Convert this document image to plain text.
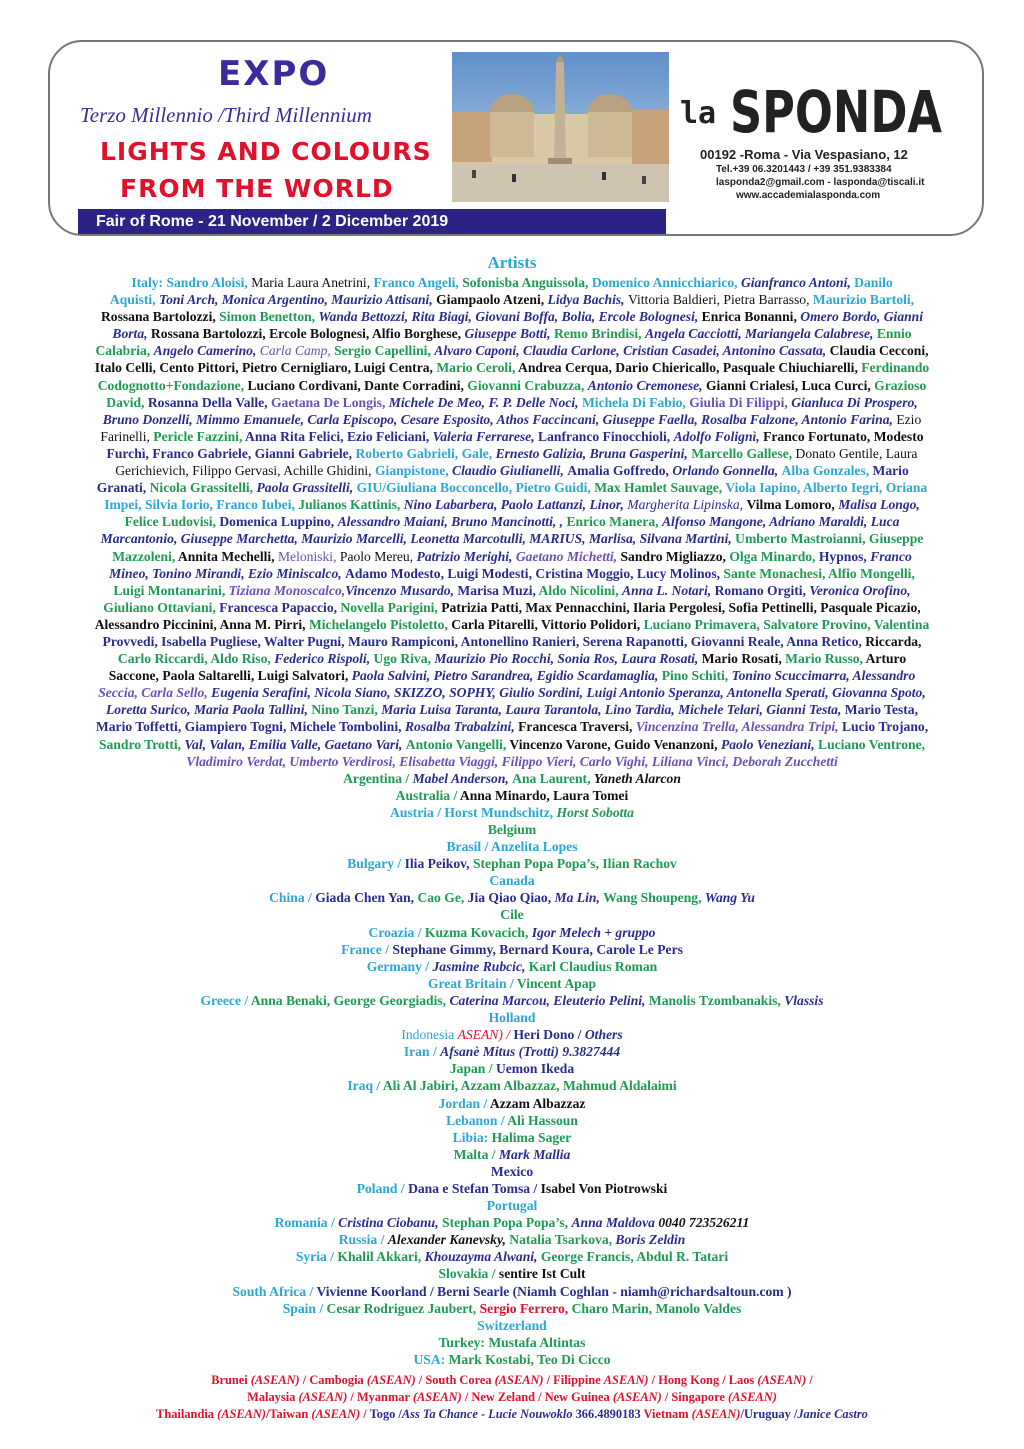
EXPO
Terzo Millennio /Third Millennium
LIGHTS AND COLOURS
FROM THE WORLD
la SPONDA
00192 -Roma - Via Vespasiano, 12
Tel.+39 06.3201443 / +39 351.9383384
lasponda2@gmail.com - lasponda@tiscali.it
www.accademialasponda.com
Fair of Rome - 21 November / 2 Dicember 2019
Artists
Italy: Sandro Aloisi, Maria Laura Anetrini, Franco Angeli, Sofonisba Anguissola, Domenico Annicchiarico, Gianfranco Antoni, Danilo
Aquisti, Toni Arch, Monica Argentino, Maurizio Attisani, Giampaolo Atzeni, Lidya Bachis, Vittoria Baldieri, Pietra Barrasso, Maurizio Bartoli,
Rossana Bartolozzi, Simon Benetton, Wanda Bettozzi, Rita Biagi, Giovani Boffa, Bolia, Ercole Bolognesi, Enrica Bonanni, Omero Bordo, Gianni
Borta, Rossana Bartolozzi, Ercole Bolognesi, Alfio Borghese, Giuseppe Botti, Remo Brindisi, Angela Cacciotti, Mariangela Calabrese, Ennio
Calabria, Angelo Camerino, Carla Camp, Sergio Capellini, Alvaro Caponi, Claudia Carlone, Cristian Casadei, Antonino Cassata, Claudia Cecconi,
Italo Celli, Cento Pittori, Pietro Cernigliaro, Luigi Centra, Mario Ceroli, Andrea Cerqua, Dario Chiericallo, Pasquale Chiuchiarelli, Ferdinando
Codognotto+Fondazione, Luciano Cordivani, Dante Corradini, Giovanni Crabuzza, Antonio Cremonese, Gianni Crialesi, Luca Curci, Grazioso
David, Rosanna Della Valle, Gaetana De Longis, Michele De Meo, F. P. Delle Noci, Michela Di Fabio, Giulia Di Filippi, Gianluca Di Prospero,
Bruno Donzelli, Mimmo Emanuele, Carla Episcopo, Cesare Esposito, Athos Faccincani, Giuseppe Faella, Rosalba Falzone, Antonio Farina, Ezio
Farinelli, Pericle Fazzini, Anna Rita Felici, Ezio Feliciani, Valeria Ferrarese, Lanfranco Finocchioli, Adolfo Folignì, Franco Fortunato, Modesto
Furchì, Franco Gabriele, Gianni Gabriele, Roberto Gabrieli, Gale, Ernesto Galizia, Bruna Gasperini, Marcello Gallese, Donato Gentile, Laura
Gerichievich, Filippo Gervasi, Achille Ghidini, Gianpistone, Claudio Giulianelli, Amalia Goffredo, Orlando Gonnella, Alba Gonzales, Mario
Granati, Nicola Grassitelli, Paola Grassitelli, GIU/Giuliana Bocconcello, Pietro Guidi, Max Hamlet Sauvage, Viola Iapino, Alberto Iegri, Oriana
Impei, Silvia Iorio, Franco Iubei, Julianos Kattinis, Nino Labarbera, Paolo Lattanzi, Linor, Margherita Lipinska, Vilma Lomoro, Malisa Longo,
Felice Ludovisi, Domenica Luppino, Alessandro Maiani, Bruno Mancinotti, , Enrico Manera, Alfonso Mangone, Adriano Maraldi, Luca
Marcantonio, Giuseppe Marchetta, Maurizio Marcelli, Leonetta Marcotulli, MARIUS, Marlisa, Silvana Martini, Umberto Mastroianni, Giuseppe
Mazzoleni, Annita Mechelli, Meloniski, Paolo Mereu, Patrizio Merighi, Gaetano Michetti, Sandro Migliazzo, Olga Minardo, Hypnos, Franco
Mineo, Tonino Mirandi, Ezio Miniscalco, Adamo Modesto, Luigi Modesti, Cristina Moggio, Lucy Molinos, Sante Monachesi, Alfio Mongelli,
Luigi Montanarini, Tiziana Monoscalco,Vincenzo Musardo, Marisa Muzi, Aldo Nicolini, Anna L. Notari, Romano Orgiti, Veronica Orofino,
Giuliano Ottaviani, Francesca Papaccio, Novella Parigini, Patrizia Patti, Max Pennacchini, Ilaria Pergolesi, Sofia Pettinelli, Pasquale Picazio,
Alessandro Piccinini, Anna M. Pirri, Michelangelo Pistoletto, Carla Pitarelli, Vittorio Polidori, Luciano Primavera, Salvatore Provino, Valentina
Provvedi, Isabella Pugliese, Walter Pugni, Mauro Rampiconi, Antonellino Ranieri, Serena Rapanotti, Giovanni Reale, Anna Retico, Riccarda,
Carlo Riccardi, Aldo Riso, Federico Rispoli, Ugo Riva, Maurizio Pio Rocchi, Sonia Ros, Laura Rosati, Mario Rosati, Mario Russo, Arturo
Saccone, Paola Saltarelli, Luigi Salvatori, Paola Salvini, Pietro Sarandrea, Egidio Scardamaglia, Pino Schiti, Tonino Scuccimarra, Alessandro
Seccia, Carla Sello, Eugenia Serafini, Nicola Siano, SKIZZO, SOPHY, Giulio Sordini, Luigi Antonio Speranza, Antonella Sperati, Giovanna Spoto,
Loretta Surico, Maria Paola Tallini, Nino Tanzi, Maria Luisa Taranta, Laura Tarantola, Lino Tardia, Michele Telari, Gianni Testa, Mario Testa,
Mario Toffetti, Giampiero Togni, Michele Tombolini, Rosalba Trabalzini, Francesca Traversi, Vincenzina Trella, Alessandra Tripi, Lucio Trojano,
Sandro Trotti, Val, Valan, Emilia Valle, Gaetano Vari, Antonio Vangelli, Vincenzo Varone, Guido Venanzoni, Paolo Veneziani, Luciano Ventrone,
Vladimiro Verdat, Umberto Verdirosi, Elisabetta Viaggi, Filippo Vieri, Carlo Vighi, Liliana Vinci, Deborah Zucchetti
Argentina / Mabel Anderson, Ana Laurent, Yaneth Alarcon
Australia / Anna Minardo, Laura Tomei
Austria / Horst Mundschitz, Horst Sobotta
Belgium
Brasil / Anzelita Lopes
Bulgary / Ilia Peikov, Stephan Popa Popa’s, Ilian Rachov
Canada
China / Giada Chen Yan, Cao Ge, Jia Qiao Qiao, Ma Lin, Wang Shoupeng, Wang Yu
Cile
Croazia / Kuzma Kovacich, Igor Melech + gruppo
France / Stephane Gimmy, Bernard Koura, Carole Le Pers
Germany / Jasmine Rubcic, Karl Claudius Roman
Great Britain / Vincent Apap
Greece / Anna Benaki, George Georgiadis, Caterina Marcou, Eleuterio Pelini, Manolis Tzombanakis, Vlassis
Holland
Indonesia ASEAN) / Heri Dono / Others
Iran / Afsanè Mitus (Trotti) 9.3827444
Japan / Uemon Ikeda
Iraq / Alì Al Jabiri, Azzam Albazzaz, Mahmud Aldalaimi
Jordan / Azzam Albazzaz
Lebanon / Alì Hassoun
Libia: Halima Sager
Malta / Mark Mallia
Mexico
Poland / Dana e Stefan Tomsa / Isabel Von Piotrowski
Portugal
Romania / Cristina Ciobanu, Stephan Popa Popa’s, Anna Maldova 0040 723526211
Russia / Alexander Kanevsky, Natalia Tsarkova, Boris Zeldin
Syria / Khalil Akkari, Khouzayma Alwani, George Francis, Abdul R. Tatari
Slovakia / sentire Ist Cult
South Africa / Vivienne Koorland / Berni Searle (Niamh Coghlan - niamh@richardsaltoun.com )
Spain / Cesar Rodriguez Jaubert, Sergio Ferrero, Charo Marin, Manolo Valdes
Switzerland
Turkey: Mustafa Altintas
USA: Mark Kostabi, Teo Di Cicco
Brunei (ASEAN) / Cambogia (ASEAN) / South Corea (ASEAN) / Filippine ASEAN) / Hong Kong / Laos (ASEAN) /
Malaysia (ASEAN) / Myanmar (ASEAN) / New Zeland / New Guinea (ASEAN) / Singapore (ASEAN)
Thailandia (ASEAN)/Taiwan (ASEAN) / Togo /Ass Ta Chance - Lucie Nouwoklo 366.4890183 Vietnam (ASEAN)/Uruguay /Janice Castro
